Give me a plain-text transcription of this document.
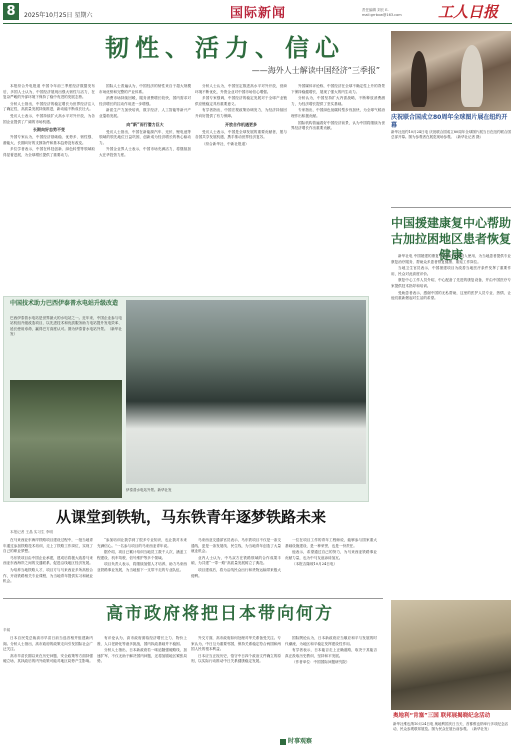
8	2025年10月25日 星期六	国际新闻	责任编辑 刘长 E-mail:grrbxw@163.com	工人日报
韧性、活力、信心
——海外人士解读中国经济“三季报”

本报综合外电报道 中国今年前三季度经济数据发布后，多国人士认为，中国经济展现出强大韧性与活力，在复杂严峻的外部环境下保持了稳中有进的发展态势。

分析人士指出，中国经济的稳定增长为世界经济注入了确定性，高质量发展持续推进，新动能不断成长壮大。

受访人士表示，中国持续扩大高水平对外开放，为各国企业提供了广阔的市场机遇。

长期向好态势不变

外国专家认为，中国经济基础稳、优势多、韧性强、潜能大，长期向好的支撑条件和基本趋势没有改变。

多位学者表示，中国在科技创新、绿色转型等领域取得显著进展，为全球增长提供了重要动力。

国际人士普遍认为，中国经济的韧性来自于超大规模市场优势和完整的产业体系。

消费市场持续回暖，服务消费增长较快，国内需求对经济增长的拉动作用进一步增强。

新质生产力加快培育，数字经济、人工智能等新兴产业蓬勃发展。

向“新”而行潜力巨大

受访人士指出，中国在新能源汽车、光伏、锂电池等领域的领先地位日益巩固，创新成为经济增长的核心驱动力。

外国企业界人士表示，中国市场充满活力，将继续加大在华投资力度。

分析人士认为，中国坚定推进高水平对外开放，营商环境不断优化，外资企业对中国市场信心增强。

多国专家强调，中国经济的稳定发展对于全球产业链供应链稳定具有重要意义。

有学者指出，中国宏观政策协调发力，为经济持续回升向好提供了有力保障。

开放合作机遇更多

受访人士表示，中国是全球发展的重要贡献者，愿与各国共享发展机遇，携手推动世界经济复苏。

（综合新华社、中新社报道）

外国媒体评论称，中国经济在全球不确定性上升的背景下保持稳健增长，展现了强大的内生动力。

分析认为，中国坚持扩大内需战略，不断释放消费潜力，为经济增长提供了坚实基础。

专家指出，中国绿色低碳转型步伐加快，为全球气候治理作出积极贡献。

国际机构普遍看好中国经济前景，认为中国将继续为世界经济增长作出重要贡献。

庆祝联合国成立80周年全球图片展在纽约开幕
新华社纽约10月24日电 庆祝联合国成立80周年全球图片展当日在纽约联合国总部开幕。图为参观者在展览现场参观。（新华社记者 摄）
中国援建康复中心帮助古加拉困地区患者恢复健康

新华社电 中国援建的康复中心近日正式投入使用，为当地患者提供专业康复治疗服务，帮助众多患者恢复健康、重返工作岗位。

当地卫生官员表示，中国援建项目为改善当地医疗条件发挥了重要作用，民众对此高度评价。

康复中心工作人员介绍，中心配备了先进的康复设备，并由中国医疗专家提供技术指导和培训。

受助患者表示，感谢中国的无私帮助，这里的医护人员专业、热情，让他们重新燃起对生活的希望。

中国技术助力巴西伊泰普水电站升级改造
巴西伊泰普水电站是世界最大的水电站之一。近年来，中国企业参与电站机组升级改造项目，以先进技术和优质服务助力电站提升发电效率、延长使用寿命，赢得巴方高度认可。图为伊泰普水电站外景。（新华社发）
伊泰普水电站外景。新华社发
从课堂到铁轨，马东铁青年逐梦铁路未来
本报记者 王晶 实习生 李明

在马来西亚东海岸铁路项目建设过程中，一批当地青年通过参加铁路技术培训，走上了铁路工作岗位，实现了自己的职业梦想。

马东铁项目由中国企业承建，建成后将极大改善马来西亚东西海岸之间的交通联系，促进沿线地区经济发展。

为培养当地铁路人才，项目方与马来西亚多所高校合作，开设铁路相关专业课程，为当地青年提供实习和就业机会。

“参加培训让我学到了很多专业知识，也让我对未来充满信心。”一名参与项目的马来西亚青年说。

据介绍，项目已累计培训当地员工数千人次，涵盖工程建设、机车驾驶、信号维护等多个领域。

项目负责人表示，将继续加强人才培养，助力马来西亚铁路事业发展，为当地留下一支带不走的专业队伍。

马来西亚交通部官员表示，马东铁项目不仅是一条交通线，更是一条发展线、民生线，为当地青年创造了大量就业机会。

业内人士认为，中马双方在铁路领域的合作成果丰硕，为共建“一带一路”高质量发展树立了典范。

项目建成后，将为沿线民众出行和货物运输带来极大便利。

一位在项目工作的青年工程师说，能够参与国家重大基础设施建设，是一种荣誉，也是一份责任。

他表示，希望通过自己的努力，为马来西亚铁路事业贡献力量，也为中马友谊添砖加瓦。

（本报吉隆坡10月24日电）

高市政府将把日本带向何方
辛闻

日本自民党总裁高市早苗日前当选首相并组建新内阁。分析人士指出，高市政府的政策走向引发国际社会广泛关注。

高市早苗长期以来在历史问题、安全政策等方面持强硬立场，其执政后的内外政策可能对地区局势产生影响。

有评论认为，高市政府面临经济增长乏力、物价上涨、人口老龄化等诸多挑战，国内执政基础并不稳固。

分析人士指出，日本新政府若一味追随强硬路线，加速扩军，不仅无助于解决国内问题，还将加剧地区紧张局势。

外交方面，高市政府如何处理对华关系备受关注。专家认为，中日互为重要邻国，保持关系稳定符合两国和两国人民的根本利益。

日本应当正视历史，恪守中日四个政治文件确立的原则，以实际行动推动中日关系健康稳定发展。

国际舆论认为，日本新政府应当顺应和平与发展的时代潮流，为地区和平稳定发挥建设性作用。

有学者表示，日本能否走上正确道路，取决于其能否真正汲取历史教训，坚持和平发展。

（作者单位：中国国际问题研究院）

奥地利“肯塞”三国 联邦展揭晓纪念活动
新华社维也纳10月24日电 奥地利国庆日当天，首都维也纳举行多项纪念活动，民众参观联邦展览。图为民众在展台前参观。（新华社发）
时事观察
